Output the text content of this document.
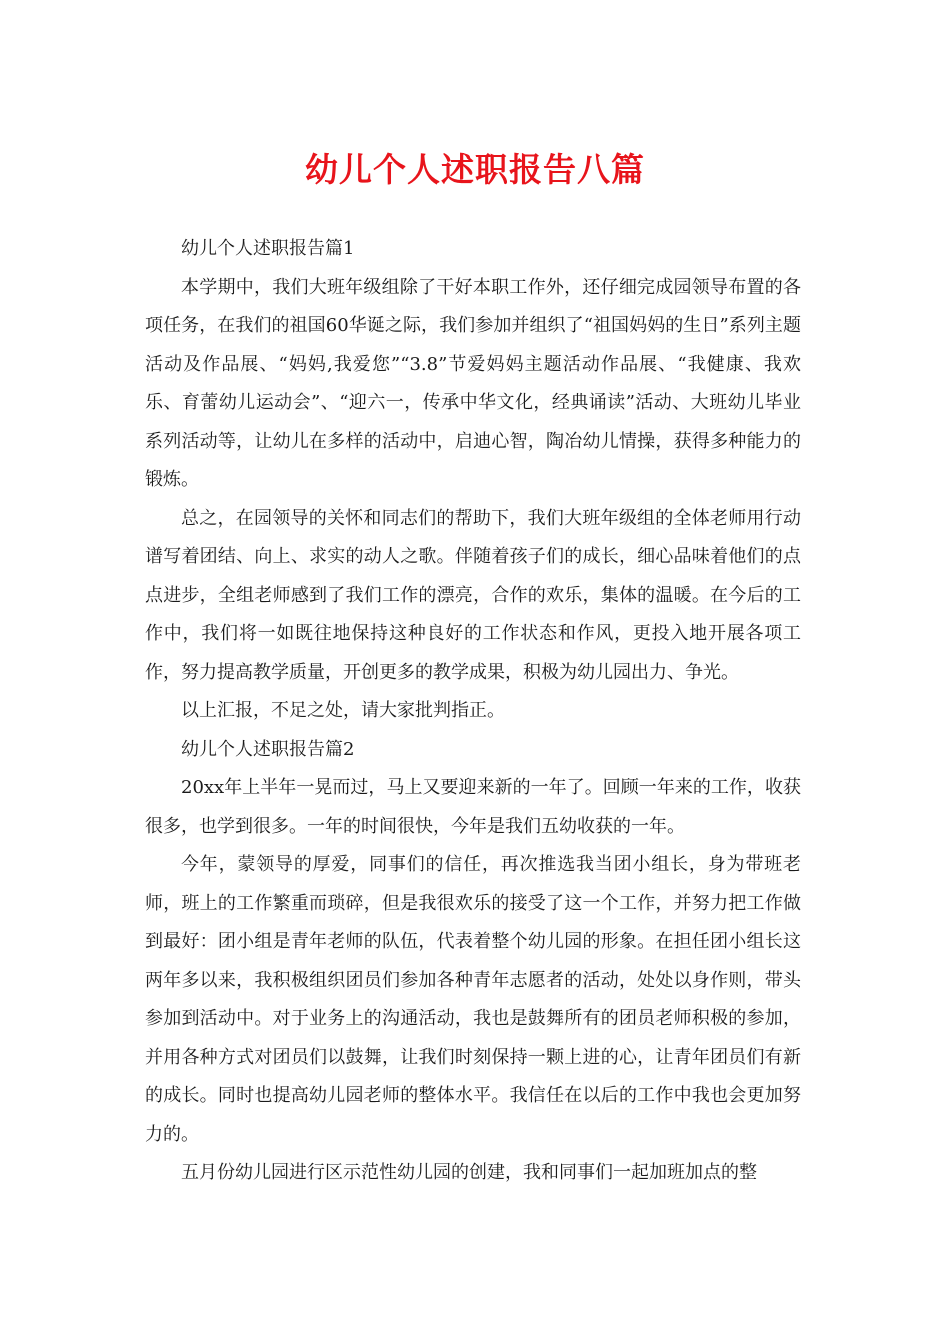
幼儿个人述职报告八篇

幼儿个人述职报告篇1

本学期中，我们大班年级组除了干好本职工作外，还仔细完成园领导布置的各项任务，在我们的祖国60华诞之际，我们参加并组织了“祖国妈妈的生日”系列主题活动及作品展、“妈妈,我爱您”“3.8”节爱妈妈主题活动作品展、“我健康、我欢乐、育蕾幼儿运动会”、“迎六一，传承中华文化，经典诵读”活动、大班幼儿毕业系列活动等，让幼儿在多样的活动中，启迪心智，陶冶幼儿情操，获得多种能力的锻炼。

总之，在园领导的关怀和同志们的帮助下，我们大班年级组的全体老师用行动谱写着团结、向上、求实的动人之歌。伴随着孩子们的成长，细心品味着他们的点点进步，全组老师感到了我们工作的漂亮，合作的欢乐，集体的温暖。在今后的工作中，我们将一如既往地保持这种良好的工作状态和作风，更投入地开展各项工作，努力提高教学质量，开创更多的教学成果，积极为幼儿园出力、争光。

以上汇报，不足之处，请大家批判指正。

幼儿个人述职报告篇2

20xx年上半年一晃而过，马上又要迎来新的一年了。回顾一年来的工作，收获很多，也学到很多。一年的时间很快，今年是我们五幼收获的一年。

今年，蒙领导的厚爱，同事们的信任，再次推选我当团小组长，身为带班老师，班上的工作繁重而琐碎，但是我很欢乐的接受了这一个工作，并努力把工作做到最好：团小组是青年老师的队伍，代表着整个幼儿园的形象。在担任团小组长这两年多以来，我积极组织团员们参加各种青年志愿者的活动，处处以身作则，带头参加到活动中。对于业务上的沟通活动，我也是鼓舞所有的团员老师积极的参加，并用各种方式对团员们以鼓舞，让我们时刻保持一颗上进的心，让青年团员们有新的成长。同时也提高幼儿园老师的整体水平。我信任在以后的工作中我也会更加努力的。

五月份幼儿园进行区示范性幼儿园的创建，我和同事们一起加班加点的整
